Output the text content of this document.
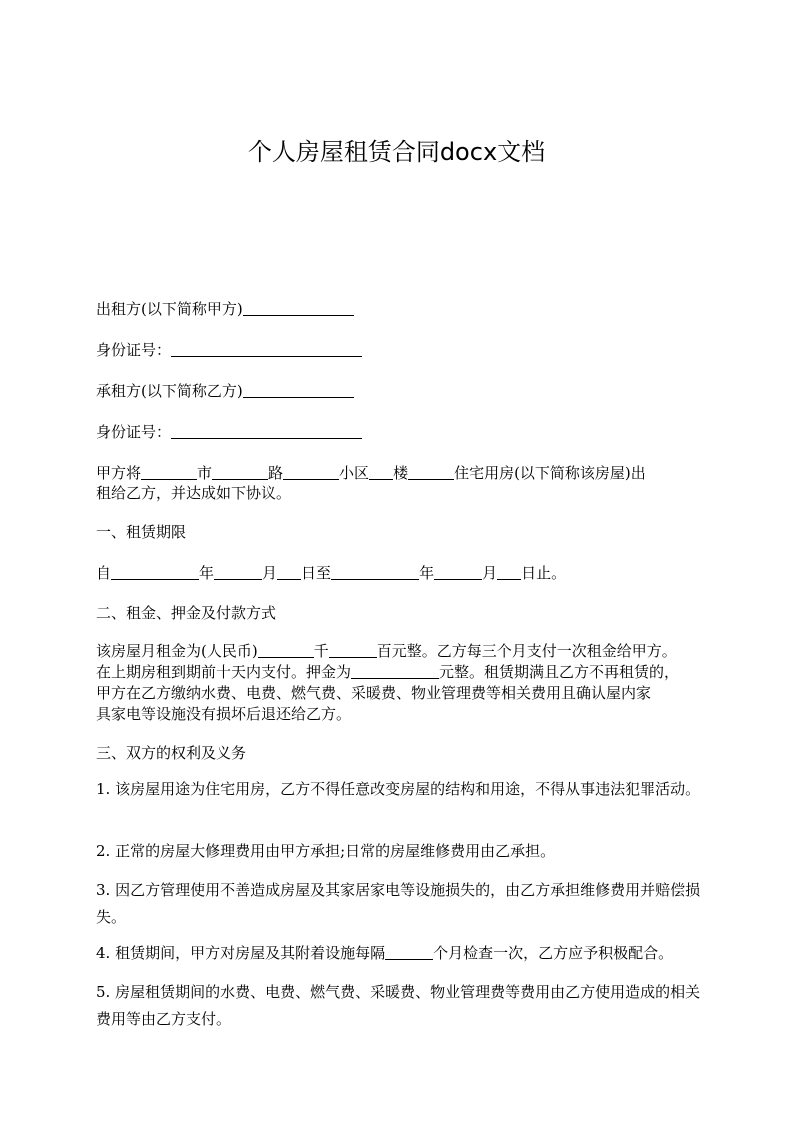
个人房屋租赁合同docx文档
出租方(以下简称甲方)
身份证号：
承租方(以下简称乙方)
身份证号：
甲方将	市	路	小区 楼	住宅用房(以下简称该房屋)出
租给乙方，并达成如下协议。
一、租赁期限
自	年	月 日至	年	月 日止。
二、租金、押金及付款方式
该房屋月租金为(人民币)	千	百元整。乙方每三个月支付一次租金给甲方。
在上期房租到期前十天内支付。押金为	元整。租赁期满且乙方不再租赁的，
甲方在乙方缴纳水费、电费、燃气费、采暖费、物业管理费等相关费用且确认屋内家
具家电等设施没有损坏后退还给乙方。
三、双方的权利及义务
1. 该房屋用途为住宅用房，乙方不得任意改变房屋的结构和用途，不得从事违法犯罪活动。
2. 正常的房屋大修理费用由甲方承担;日常的房屋维修费用由乙承担。
3. 因乙方管理使用不善造成房屋及其家居家电等设施损失的，由乙方承担维修费用并赔偿损失。
4. 租赁期间，甲方对房屋及其附着设施每隔	个月检查一次，乙方应予积极配合。
5. 房屋租赁期间的水费、电费、燃气费、采暖费、物业管理费等费用由乙方使用造成的相关费用等由乙方支付。
